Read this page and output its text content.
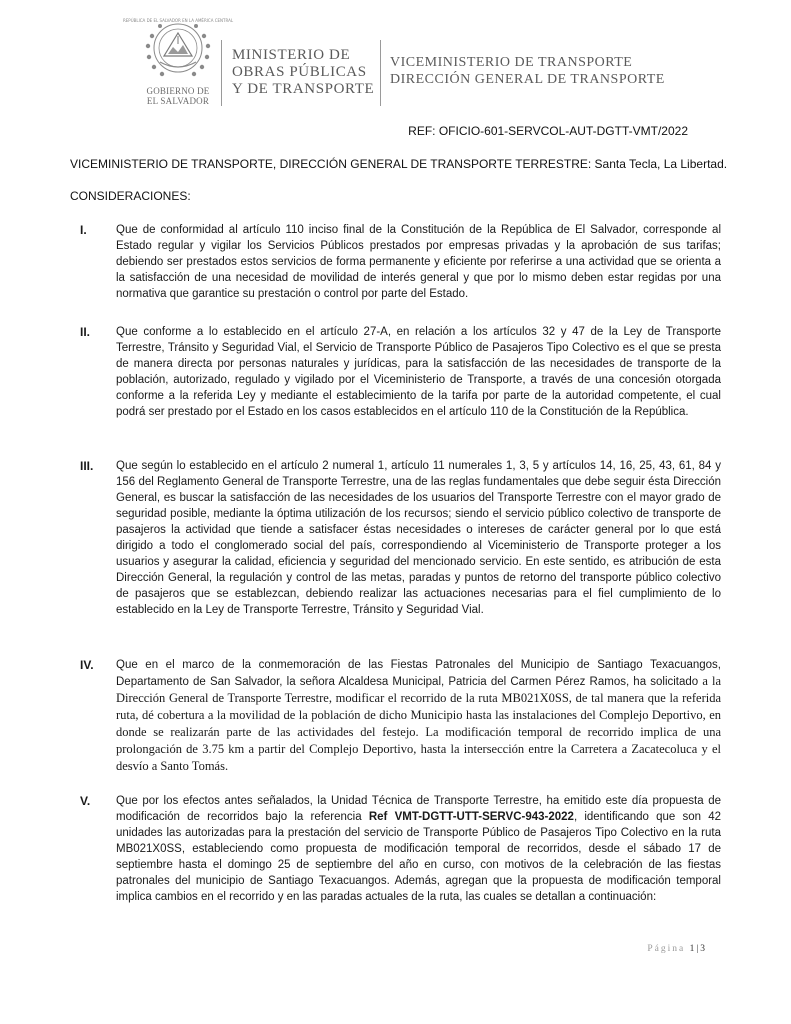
REPÚBLICA DE EL SALVADOR EN LA AMÉRICA CENTRAL
GOBIERNO DE
EL SALVADOR
MINISTERIO DE
OBRAS PÚBLICAS
Y DE TRANSPORTE
VICEMINISTERIO DE TRANSPORTE
DIRECCIÓN GENERAL DE TRANSPORTE
REF: OFICIO-601-SERVCOL-AUT-DGTT-VMT/2022
VICEMINISTERIO DE TRANSPORTE, DIRECCIÓN GENERAL DE TRANSPORTE TERRESTRE: Santa Tecla, La Libertad.
CONSIDERACIONES:
I.	Que de conformidad al artículo 110 inciso final de la Constitución de la República de El Salvador, corresponde al Estado regular y vigilar los Servicios Públicos prestados por empresas privadas y la aprobación de sus tarifas; debiendo ser prestados estos servicios de forma permanente y eficiente por referirse a una actividad que se orienta a la satisfacción de una necesidad de movilidad de interés general y que por lo mismo deben estar regidas por una normativa que garantice su prestación o control por parte del Estado.
II.	Que conforme a lo establecido en el artículo 27-A, en relación a los artículos 32 y 47 de la Ley de Transporte Terrestre, Tránsito y Seguridad Vial, el Servicio de Transporte Público de Pasajeros Tipo Colectivo es el que se presta de manera directa por personas naturales y jurídicas, para la satisfacción de las necesidades de transporte de la población, autorizado, regulado y vigilado por el Viceministerio de Transporte, a través de una concesión otorgada conforme a la referida Ley y mediante el establecimiento de la tarifa por parte de la autoridad competente, el cual podrá ser prestado por el Estado en los casos establecidos en el artículo 110 de la Constitución de la República.
III.	Que según lo establecido en el artículo 2 numeral 1, artículo 11 numerales 1, 3, 5 y artículos 14, 16, 25, 43, 61, 84 y 156 del Reglamento General de Transporte Terrestre, una de las reglas fundamentales que debe seguir ésta Dirección General, es buscar la satisfacción de las necesidades de los usuarios del Transporte Terrestre con el mayor grado de seguridad posible, mediante la óptima utilización de los recursos; siendo el servicio público colectivo de transporte de pasajeros la actividad que tiende a satisfacer éstas necesidades o intereses de carácter general por lo que está dirigido a todo el conglomerado social del país, correspondiendo al Viceministerio de Transporte proteger a los usuarios y asegurar la calidad, eficiencia y seguridad del mencionado servicio. En este sentido, es atribución de esta Dirección General, la regulación y control de las metas, paradas y puntos de retorno del transporte público colectivo de pasajeros que se establezcan, debiendo realizar las actuaciones necesarias para el fiel cumplimiento de lo establecido en la Ley de Transporte Terrestre, Tránsito y Seguridad Vial.
IV.	Que en el marco de la conmemoración de las Fiestas Patronales del Municipio de Santiago Texacuangos, Departamento de San Salvador, la señora Alcaldesa Municipal, Patricia del Carmen Pérez Ramos, ha solicitado a la Dirección General de Transporte Terrestre, modificar el recorrido de la ruta MB021X0SS, de tal manera que la referida ruta, dé cobertura a la movilidad de la población de dicho Municipio hasta las instalaciones del Complejo Deportivo, en donde se realizarán parte de las actividades del festejo. La modificación temporal de recorrido implica de una prolongación de 3.75 km a partir del Complejo Deportivo, hasta la intersección entre la Carretera a Zacatecoluca y el desvío a Santo Tomás.
V.	Que por los efectos antes señalados, la Unidad Técnica de Transporte Terrestre, ha emitido este día propuesta de modificación de recorridos bajo la referencia Ref VMT-DGTT-UTT-SERVC-943-2022, identificando que son 42 unidades las autorizadas para la prestación del servicio de Transporte Público de Pasajeros Tipo Colectivo en la ruta MB021X0SS, estableciendo como propuesta de modificación temporal de recorridos, desde el sábado 17 de septiembre hasta el domingo 25 de septiembre del año en curso, con motivos de la celebración de las fiestas patronales del municipio de Santiago Texacuangos. Además, agregan que la propuesta de modificación temporal implica cambios en el recorrido y en las paradas actuales de la ruta, las cuales se detallan a continuación:
Página 1|3
